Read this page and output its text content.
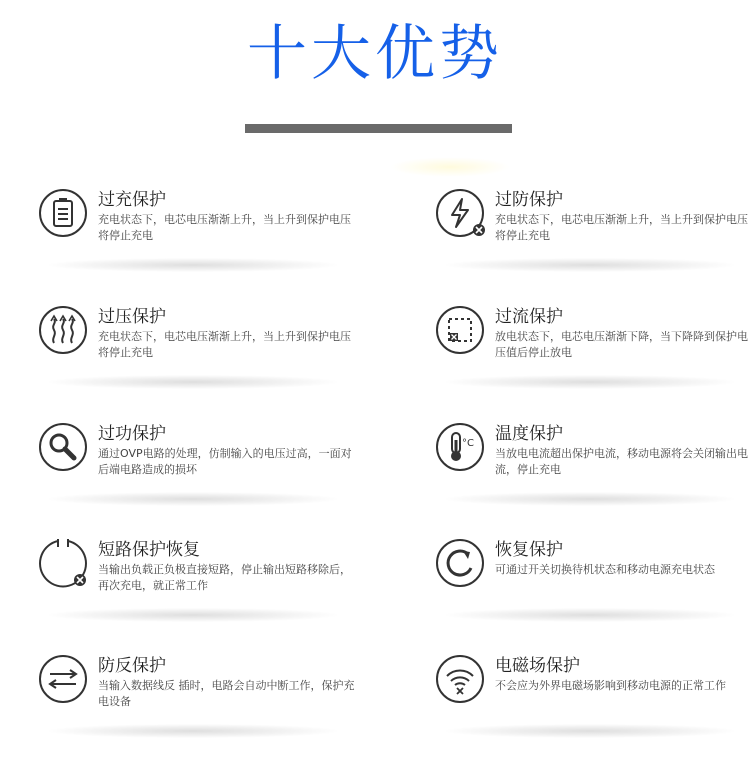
十大优势
过充保护
充电状态下，电芯电压渐渐上升，当上升到保护电压将停止充电
过防保护
充电状态下，电芯电压渐渐上升，当上升到保护电压将停止充电
过压保护
充电状态下，电芯电压渐渐上升，当上升到保护电压将停止充电
过流保护
放电状态下，电芯电压渐渐下降，当下降降到保护电压值后停止放电
过功保护
通过OVP电路的处理，仿制输入的电压过高，一面对后端电路造成的损坏
°C 温度保护
当放电电流超出保护电流，移动电源将会关闭输出电流，停止充电
短路保护恢复
当输出负载正负极直接短路，停止输出短路移除后，再次充电，就正常工作
恢复保护
可通过开关切换待机状态和移动电源充电状态
防反保护
当输入数据线反 插时，电路会自动中断工作，保护充电设备
电磁场保护
不会应为外界电磁场影响到移动电源的正常工作
